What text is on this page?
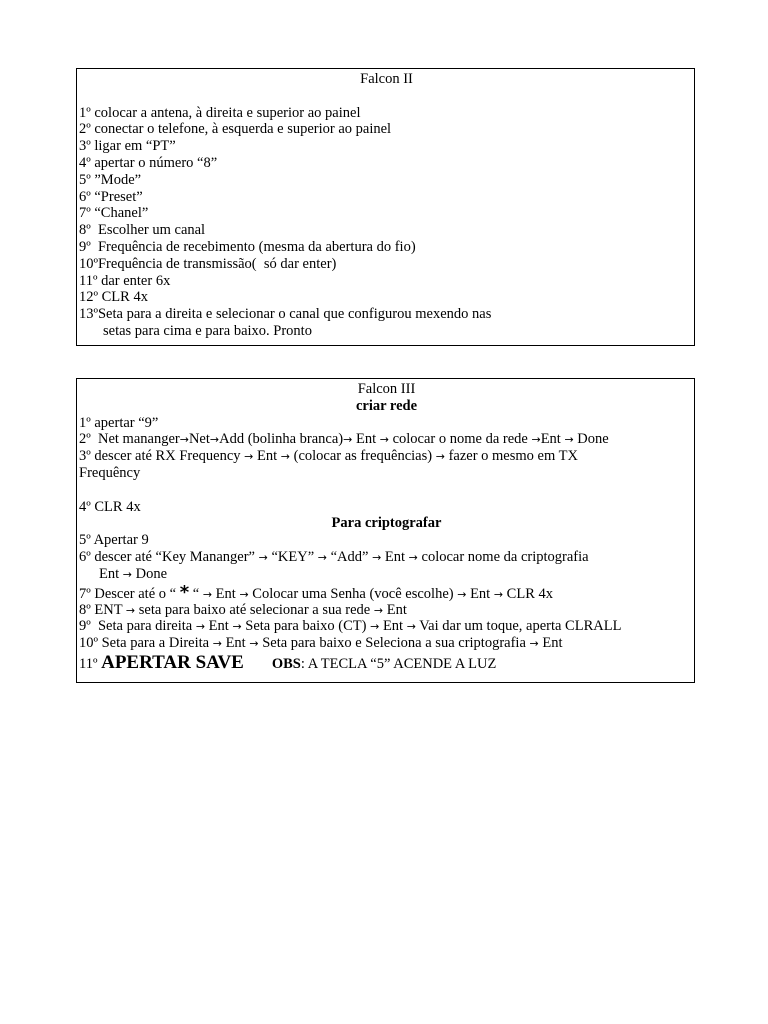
Falcon II
1º colocar a antena, à direita e superior ao painel
2º conectar o telefone, à esquerda e superior ao painel
3º ligar em “PT”
4º apertar o número “8”
5º ”Mode”
6º “Preset”
7º “Chanel”
8º  Escolher um canal
9º  Frequência de recebimento (mesma da abertura do fio)
10ºFrequência de transmissão(  só dar enter)
11º dar enter 6x
12º CLR 4x
13ºSeta para a direita e selecionar o canal que configurou mexendo nas
setas para cima e para baixo. Pronto
Falcon III
criar rede
1º apertar “9”
2º  Net mananger→Net→Add (bolinha branca)→ Ent → colocar o nome da rede →Ent → Done
3º descer até RX Frequency → Ent → (colocar as frequências) → fazer o mesmo em TX
Frequêncy
4º CLR 4x
Para criptografar
5º Apertar 9
6º descer até “Key Mananger” → “KEY” → “Add” → Ent → colocar nome da criptografia
Ent → Done
7º Descer até o “ * “ → Ent → Colocar uma Senha (você escolhe) → Ent → CLR 4x
8º ENT → seta para baixo até selecionar a sua rede → Ent
9º  Seta para direita → Ent → Seta para baixo (CT) → Ent → Vai dar um toque, aperta CLRALL
10º Seta para a Direita → Ent → Seta para baixo e Seleciona a sua criptografia → Ent
11º APERTAR SAVE OBS: A TECLA “5” ACENDE A LUZ
